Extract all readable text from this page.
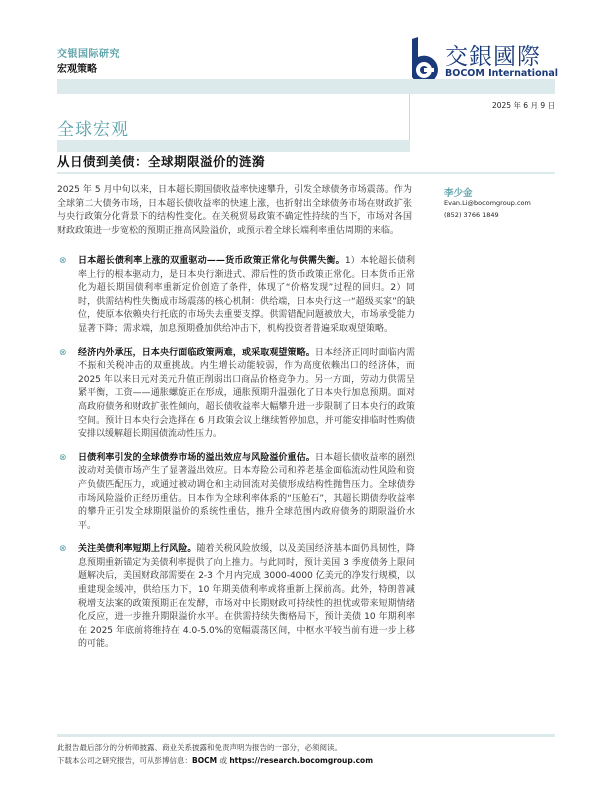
交银国际研究
宏观策略	交銀國際
BOCOM International
2025 年 6 月 9 日
全球宏观
从日债到美债：全球期限溢价的涟漪
2025 年 5 月中旬以来，日本超长期国债收益率快速攀升，引发全球债务市场震荡。作为全球第二大债务市场，日本超长债收益率的快速上涨，也折射出全球债务市场在财政扩张与央行政策分化背景下的结构性变化。在关税贸易政策不确定性持续的当下，市场对各国财政政策进一步宽松的预期正推高风险溢价，或预示着全球长端利率重估周期的来临。
李少金
Evan.Li@bocomgroup.com
(852) 3766 1849
⊗ 日本超长债利率上涨的双重驱动——货币政策正常化与供需失衡。1）本轮超长债利率上行的根本驱动力，是日本央行渐进式、滞后性的货币政策正常化。日本货币正常化为超长期国债利率重新定价创造了条件，体现了“价格发现”过程的回归。2）同时，供需结构性失衡成市场震荡的核心机制：供给端，日本央行这一“超级买家”的缺位，使原本依赖央行托底的市场失去重要支撑。供需错配问题被放大，市场承受能力显著下降；需求端，加息预期叠加供给冲击下，机构投资者普遍采取观望策略。
⊗ 经济内外承压，日本央行面临政策两难，或采取观望策略。日本经济正同时面临内需不振和关税冲击的双重挑战。内生增长动能较弱，作为高度依赖出口的经济体，而 2025 年以来日元对美元升值正削弱出口商品价格竞争力。另一方面，劳动力供需呈紧平衡，工资——通胀螺旋正在形成，通胀预期升温强化了日本央行加息预期。面对高政府债务和财政扩张性倾向，超长债收益率大幅攀升进一步限制了日本央行的政策空间。预计日本央行会选择在 6 月政策会议上继续暂停加息，并可能安排临时性购债安排以缓解超长期国债流动性压力。
⊗ 日债利率引发的全球债券市场的溢出效应与风险溢价重估。日本超长债收益率的剧烈波动对美债市场产生了显著溢出效应。日本寿险公司和养老基金面临流动性风险和资产负债匹配压力，或通过被动调仓和主动回流对美债形成结构性抛售压力。全球债券市场风险溢价正经历重估。日本作为全球利率体系的“压舱石”，其超长期债券收益率的攀升正引发全球期限溢价的系统性重估，推升全球范围内政府债务的期限溢价水平。
⊗ 关注美债利率短期上行风险。随着关税风险放缓，以及美国经济基本面仍具韧性，降息预期重新锚定为美债利率提供了向上推力。与此同时，预计美国 3 季度债务上限问题解决后，美国财政部需要在 2-3 个月内完成 3000-4000 亿美元的净发行规模，以重建现金缓冲，供给压力下，10 年期美债利率或将重新上探前高。此外，特朗普减税增支法案的政策预期正在发酵，市场对中长期财政可持续性的担忧或带来短期情绪化反应，进一步推升期限溢价水平。在供需持续失衡格局下，预计美债 10 年期利率在 2025 年底前将维持在 4.0-5.0%的宽幅震荡区间，中枢水平较当前有进一步上移的可能。
此报告最后部分的分析师披露、商业关系披露和免责声明为报告的一部分，必须阅读。
下载本公司之研究报告，可从彭博信息：BOCM 或 https://research.bocomgroup.com
